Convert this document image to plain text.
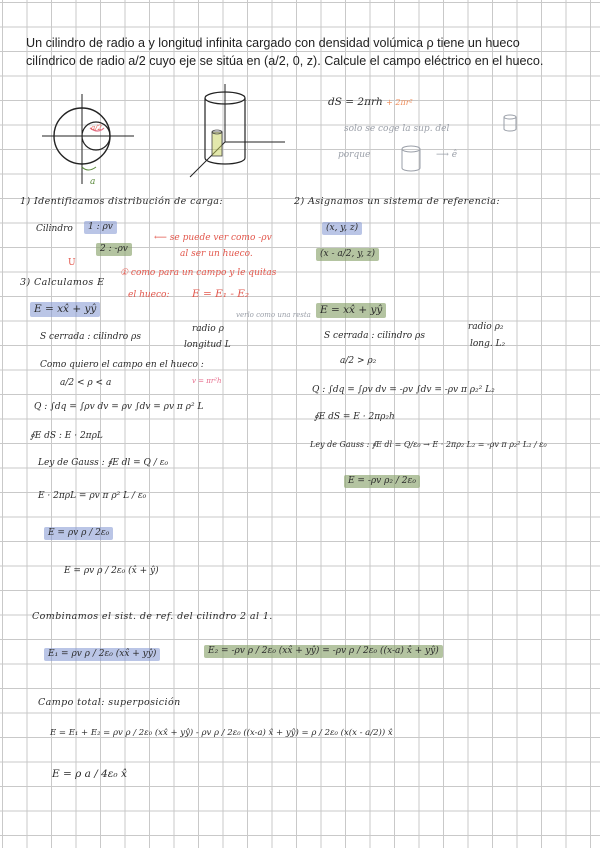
Un cilindro de radio a y longitud infinita cargado con densidad volúmica ρ tiene un hueco
cilíndrico de radio a/2 cuyo eje se sitúa en (a/2, 0, z). Calcule el campo eléctrico en el hueco.
a/2
a
dS = 2πrh + 2πr²
solo se coge la sup. del
porque	⟶ ê
1) Identificamos distribución de carga:
Cilindro	1 : ρv
2 : -ρv
⟵ se puede ver como -ρv
al ser un hueco.
U
2) Asignamos un sistema de referencia:
(x, y, z)
(x - a/2, y, z)
3) Calculamos E
① como para un campo y le quitas
el hueco: E = E₁ - E₂
verlo como una resta
E = xx̂ + yŷ
S cerrada : cilindro ρs
radio ρ
longitud L
Como quiero el campo en el hueco :
a/2 < ρ < a	v = πr²h
Q : ∫dq = ∫ρv dv = ρv ∫dv = ρv π ρ² L
∮E dS : E · 2πρL
Ley de Gauss : ∮E dl = Q / ε₀
E · 2πρL = ρv π ρ² L / ε₀
E = ρv ρ / 2ε₀
E = ρv ρ / 2ε₀ (x̂ + ŷ)
E = xx̂ + yŷ
S cerrada : cilindro ρs
radio ρ₂
long. L₂
a/2 > ρ₂
Q : ∫dq = ∫ρv dv = -ρv ∫dv = -ρv π ρ₂² L₂
∮E dS = E · 2πρ₂h
Ley de Gauss : ∮E dl = Q/ε₀ → E · 2πρ₂ L₂ = -ρv π ρ₂² L₂ / ε₀
E = -ρv ρ₂ / 2ε₀
Combinamos el sist. de ref. del cilindro 2 al 1.
E₁ = ρv ρ / 2ε₀ (xx̂ + yŷ)	E₂ = -ρv ρ / 2ε₀ (xx̂ + yŷ) = -ρv ρ / 2ε₀ ((x-a) x̂ + yŷ)
Campo total: superposición
E = E₁ + E₂ = ρv ρ / 2ε₀ (xx̂ + yŷ) - ρv ρ / 2ε₀ ((x-a) x̂ + yŷ) = ρ / 2ε₀ (x(x - a/2)) x̂
E = ρ a / 4ε₀ x̂
